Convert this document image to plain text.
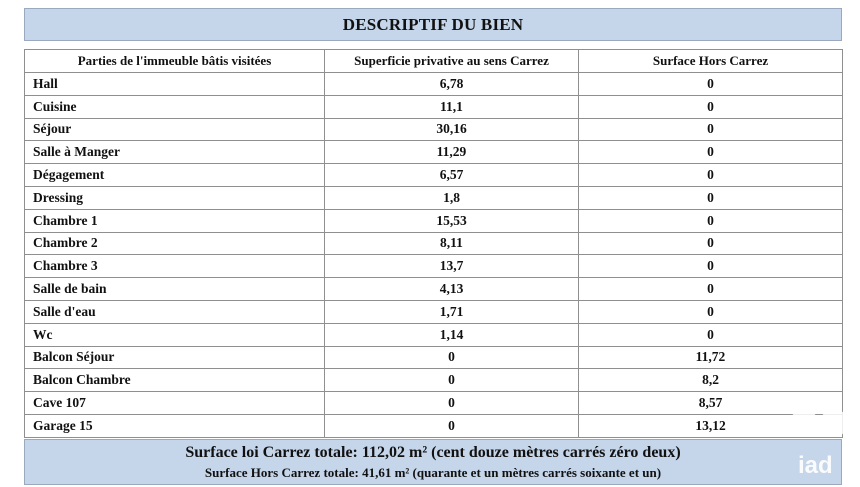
DESCRIPTIF DU BIEN
Parties de l'immeuble bâtis visitées	Superficie privative au sens Carrez	Surface Hors Carrez
Hall	6,78	0
Cuisine	11,1	0
Séjour	30,16	0
Salle à Manger	11,29	0
Dégagement	6,57	0
Dressing	1,8	0
Chambre 1	15,53	0
Chambre 2	8,11	0
Chambre 3	13,7	0
Salle de bain	4,13	0
Salle d'eau	1,71	0
Wc	1,14	0
Balcon Séjour	0	11,72
Balcon Chambre	0	8,2
Cave 107	0	8,57
Garage 15	0	13,12
Surface loi Carrez totale: 112,02 m² (cent douze mètres carrés zéro deux)
Surface Hors Carrez totale: 41,61 m² (quarante et un mètres carrés soixante et un)	iad
